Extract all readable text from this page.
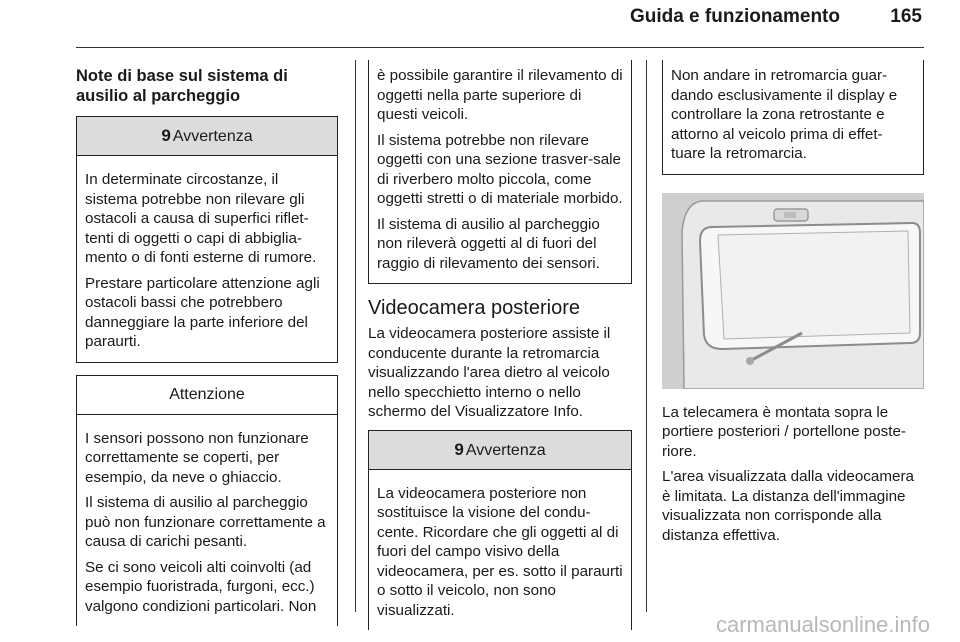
Guida e funzionamento	165
Note di base sul sistema di ausilio al parcheggio
9 Avvertenza

In determinate circostanze, il sistema potrebbe non rilevare gli ostacoli a causa di superfici riflet-tenti di oggetti o capi di abbiglia-mento o di fonti esterne di rumore.

Prestare particolare attenzione agli ostacoli bassi che potrebbero danneggiare la parte inferiore del paraurti.

Attenzione

I sensori possono non funzionare correttamente se coperti, per esempio, da neve o ghiaccio.

Il sistema di ausilio al parcheggio può non funzionare correttamente a causa di carichi pesanti.

Se ci sono veicoli alti coinvolti (ad esempio fuoristrada, furgoni, ecc.) valgono condizioni particolari. Non

è possibile garantire il rilevamento di oggetti nella parte superiore di questi veicoli.

Il sistema potrebbe non rilevare oggetti con una sezione trasver-sale di riverbero molto piccola, come oggetti stretti o di materiale morbido.

Il sistema di ausilio al parcheggio non rileverà oggetti al di fuori del raggio di rilevamento dei sensori.

Videocamera posteriore

La videocamera posteriore assiste il conducente durante la retromarcia visualizzando l'area dietro al veicolo nello specchietto interno o nello schermo del Visualizzatore Info.

9 Avvertenza

La videocamera posteriore non sostituisce la visione del condu-cente. Ricordare che gli oggetti al di fuori del campo visivo della videocamera, per es. sotto il paraurti o sotto il veicolo, non sono visualizzati.

Non andare in retromarcia guar-dando esclusivamente il display e controllare la zona retrostante e attorno al veicolo prima di effet-tuare la retromarcia.

La telecamera è montata sopra le portiere posteriori / portellone poste-riore.

L'area visualizzata dalla videocamera è limitata. La distanza dell'immagine visualizzata non corrisponde alla distanza effettiva.

carmanualsonline.info
